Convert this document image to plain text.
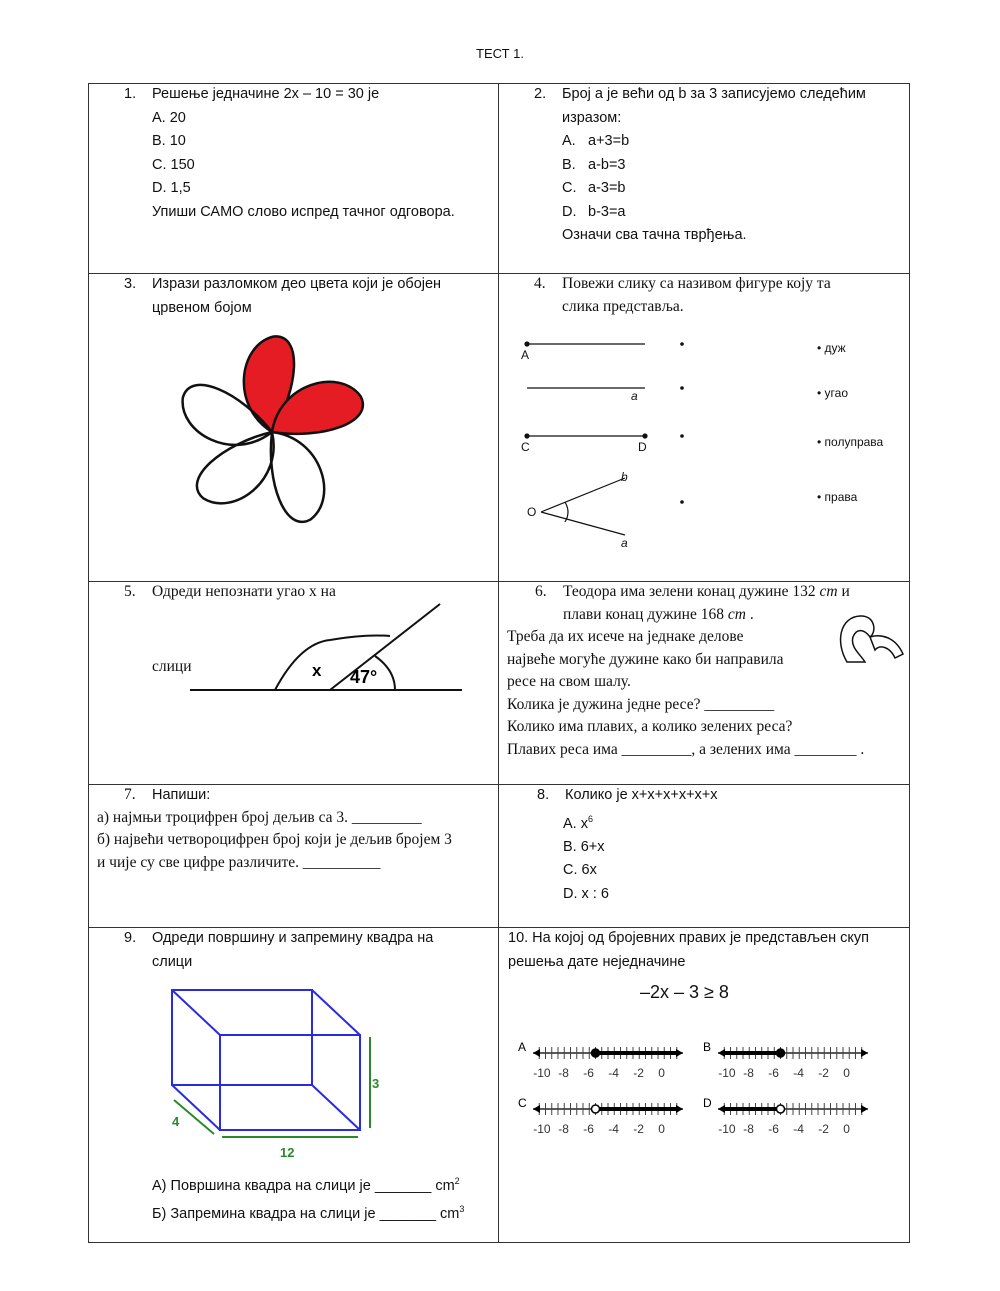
ТЕСТ 1.
1. Решење једначине 2x – 10 = 30 је
A. 20
B. 10
C. 150
D. 1,5
Упиши САМО слово испред тачног одговора.
2. Број a је већи од b за 3 записујемо следећим
изразом:
A. a+3=b
B. a-b=3
C. a-3=b
D. b-3=a
Означи сва тачна тврђења.
3. Изрази разломком део цвета који је обојен
црвеном бојом
4. Повежи слику са називом фигуре коју та
слика представља.
A
a
C	D
O
b
a
• дуж
• угао
• полуправа
• права
5. Одреди непознати угао x на
слици	x 47°
6. Теодора има зелени конац дужине 132 cm и
плави конац дужине 168 cm .
Треба да их исече на једнаке делове
највеће могуће дужине како би направила
ресе на свом шалу.
Колика је дужина једне ресе? _________
Колико има плавих, а колико зелених реса?
Плавих реса има _________, а зелених има ________ .
7. Напиши:
а) најмњи троцифрен број дељив са 3. _________
б) највећи четвороцифрен број који је дељив бројем 3
и чије су све цифре различите. __________
8. Колико је x+x+x+x+x+x
A. $x^6$
B. 6+x
C. 6x
D. x : 6
9. Одреди површину и запремину квадра на
слици
3
4
12
А) Површина квадра на слици је _______ $cm^2$
Б) Запремина квадра на слици је _______ $cm^3$
10. На којој од бројевних правих је представљен скуп
решења дате неједначине
–2x – 3 ≥ 8
A
-10 -8 -6 -4 -2 0
B
-10 -8 -6 -4 -2 0
C
-10 -8 -6 -4 -2 0
D
-10 -8 -6 -4 -2 0
